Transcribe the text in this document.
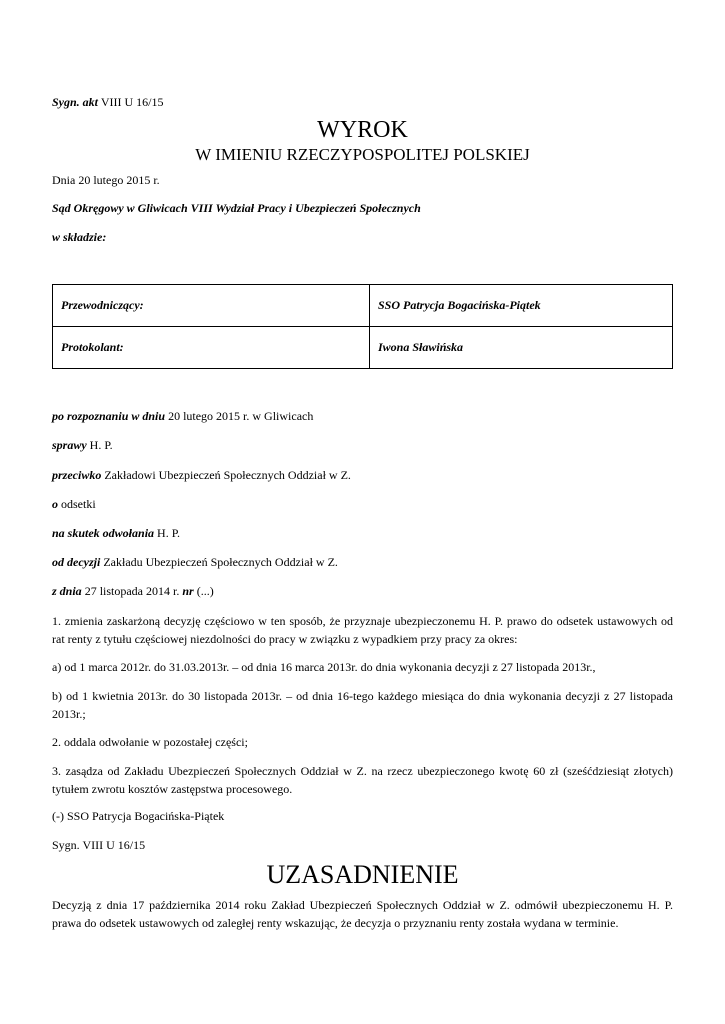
Sygn. akt VIII U 16/15
WYROK
W IMIENIU RZECZYPOSPOLITEJ POLSKIEJ
Dnia 20 lutego 2015 r.
Sąd Okręgowy w Gliwicach VIII Wydział Pracy i Ubezpieczeń Społecznych
w składzie:
Przewodniczący:	SSO Patrycja Bogacińska-Piątek
Protokolant:	Iwona Sławińska
po rozpoznaniu w dniu 20 lutego 2015 r. w Gliwicach
sprawy H. P.
przeciwko Zakładowi Ubezpieczeń Społecznych Oddział w Z.
o odsetki
na skutek odwołania H. P.
od decyzji Zakładu Ubezpieczeń Społecznych Oddział w Z.
z dnia 27 listopada 2014 r. nr (...)
1. zmienia zaskarżoną decyzję częściowo w ten sposób, że przyznaje ubezpieczonemu H. P. prawo do odsetek ustawowych od rat renty z tytułu częściowej niezdolności do pracy w związku z wypadkiem przy pracy za okres:
a) od 1 marca 2012r. do 31.03.2013r. – od dnia 16 marca 2013r. do dnia wykonania decyzji z 27 listopada 2013r.,
b) od 1 kwietnia 2013r. do 30 listopada 2013r. – od dnia 16-tego każdego miesiąca do dnia wykonania decyzji z 27 listopada 2013r.;
2. oddala odwołanie w pozostałej części;
3. zasądza od Zakładu Ubezpieczeń Społecznych Oddział w Z. na rzecz ubezpieczonego kwotę 60 zł (sześćdziesiąt złotych) tytułem zwrotu kosztów zastępstwa procesowego.
(-) SSO Patrycja Bogacińska-Piątek
Sygn. VIII U 16/15
UZASADNIENIE
Decyzją z dnia 17 października 2014 roku Zakład Ubezpieczeń Społecznych Oddział w Z. odmówił ubezpieczonemu H. P. prawa do odsetek ustawowych od zaległej renty wskazując, że decyzja o przyznaniu renty została wydana w terminie.
